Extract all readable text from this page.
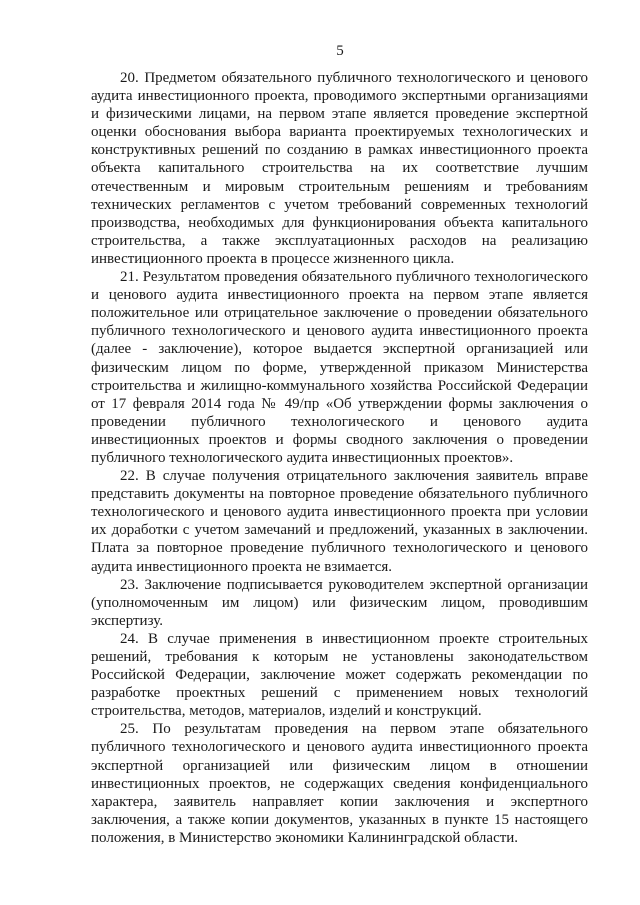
5

20. Предметом обязательного публичного технологического и ценового аудита инвестиционного проекта, проводимого экспертными организациями и физическими лицами, на первом этапе является проведение экспертной оценки обоснования выбора варианта проектируемых технологических и конструктивных решений по созданию в рамках инвестиционного проекта объекта капитального строительства на их соответствие лучшим отечественным и мировым строительным решениям и требованиям технических регламентов с учетом требований современных технологий производства, необходимых для функционирования объекта капитального строительства, а также эксплуатационных расходов на реализацию инвестиционного проекта в процессе жизненного цикла.

21. Результатом проведения обязательного публичного технологического и ценового аудита инвестиционного проекта на первом этапе является положительное или отрицательное заключение о проведении обязательного публичного технологического и ценового аудита инвестиционного проекта (далее - заключение), которое выдается экспертной организацией или физическим лицом по форме, утвержденной приказом Министерства строительства и жилищно-коммунального хозяйства Российской Федерации от 17 февраля 2014 года № 49/пр «Об утверждении формы заключения о проведении публичного технологического и ценового аудита инвестиционных проектов и формы сводного заключения о проведении публичного технологического аудита инвестиционных проектов».

22. В случае получения отрицательного заключения заявитель вправе представить документы на повторное проведение обязательного публичного технологического и ценового аудита инвестиционного проекта при условии их доработки с учетом замечаний и предложений, указанных в заключении. Плата за повторное проведение публичного технологического и ценового аудита инвестиционного проекта не взимается.

23. Заключение подписывается руководителем экспертной организации (уполномоченным им лицом) или физическим лицом, проводившим экспертизу.

24. В случае применения в инвестиционном проекте строительных решений, требования к которым не установлены законодательством Российской Федерации, заключение может содержать рекомендации по разработке проектных решений с применением новых технологий строительства, методов, материалов, изделий и конструкций.

25. По результатам проведения на первом этапе обязательного публичного технологического и ценового аудита инвестиционного проекта экспертной организацией или физическим лицом в отношении инвестиционных проектов, не содержащих сведения конфиденциального характера, заявитель направляет копии заключения и экспертного заключения, а также копии документов, указанных в пункте 15 настоящего положения, в Министерство экономики Калининградской области.
